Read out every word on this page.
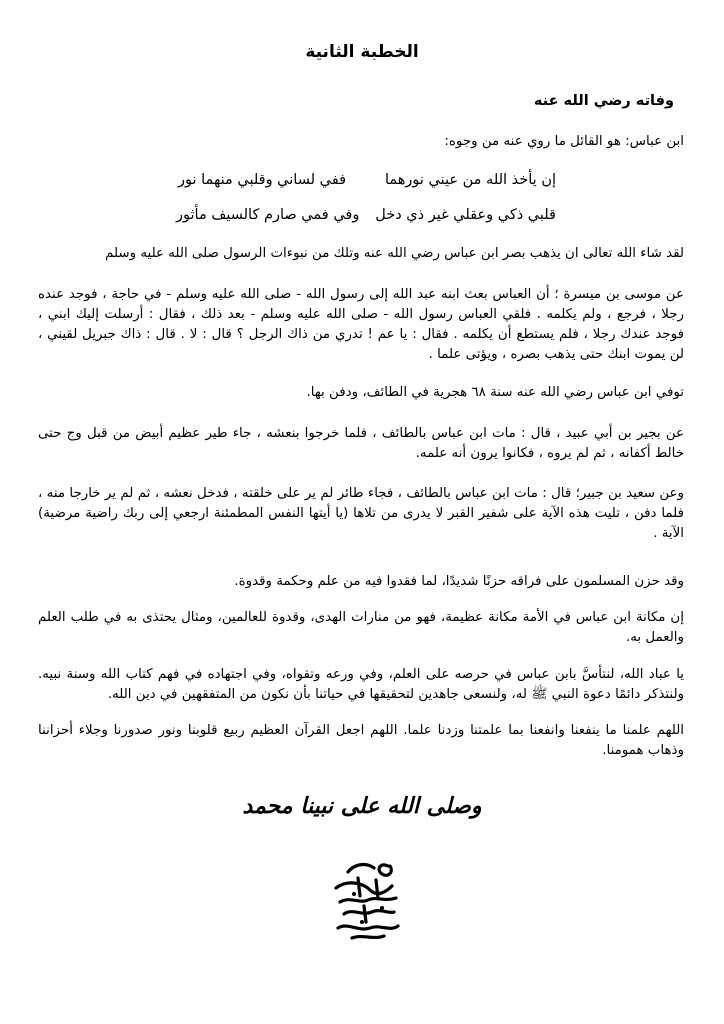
الخطبة الثانية
وفاته رضي الله عنه

ابن عباس: هو القائل ما روي عنه من وجوه:

إن يأخذ الله من عيني نورهما

ففي لساني وقلبي منهما نور

قلبي ذكي وعقلي غير ذي دخل

وفي فمي صارم كالسيف مأثور

لقد شاء الله تعالى ان يذهب بصر ابن عباس رضي الله عنه وتلك من نبوءات الرسول صلى الله عليه وسلم

عن موسى بن ميسرة ؛ أن العباس بعث ابنه عبد الله إلى رسول الله - صلى الله عليه وسلم - في حاجة ، فوجد عنده رجلا ، فرجع ، ولم يكلمه . فلقي العباس رسول الله - صلى الله عليه وسلم - بعد ذلك ، فقال : أرسلت إليك ابني ، فوجد عندك رجلا ، فلم يستطع أن يكلمه . فقال : يا عم ! تدري من ذاك الرجل ؟ قال : لا . قال : ذاك جبريل لقيني ، لن يموت ابنك حتى يذهب بصره ، ويؤتى علما .

توفي ابن عباس رضي الله عنه سنة ٦٨ هجرية في الطائف، ودفن بها.

عن بجير بن أبي عبيد ، قال : مات ابن عباس بالطائف ، فلما خرجوا بنعشه ، جاء طير عظيم أبيض من قبل وج حتى خالط أكفانه ، ثم لم يروه ، فكانوا يرون أنه علمه.

وعن سعيد بن جبير؛ قال : مات ابن عباس بالطائف ، فجاء طائر لم ير على خلقته ، فدخل نعشه ، ثم لم ير خارجا منه ، فلما دفن ، تليت هذه الآية على شفير القبر لا يدرى من تلاها (يا أيتها النفس المطمئنة ارجعي إلى ربك راضية مرضية) الآية .

وقد حزن المسلمون على فراقه حزنًا شديدًا، لما فقدوا فيه من علم وحكمة وقدوة.

إن مكانة ابن عباس في الأمة مكانة عظيمة، فهو من منارات الهدى، وقدوة للعالمين، ومثال يحتذى به في طلب العلم والعمل به.

يا عباد الله، لنتأسَّ بابن عباس في حرصه على العلم، وفي ورعه وتقواه، وفي اجتهاده في فهم كتاب الله وسنة نبيه. ولنتذكر دائمًا دعوة النبي ﷺ له، ولنسعى جاهدين لتحقيقها في حياتنا بأن نكون من المتفقهين في دين الله.

اللهم علمنا ما ينفعنا وانفعنا بما علمتنا وزدنا علما. اللهم اجعل القرآن العظيم ربيع قلوبنا ونور صدورنا وجلاء أحزاننا وذهاب همومنا.

وصلى الله على نبينا محمد
